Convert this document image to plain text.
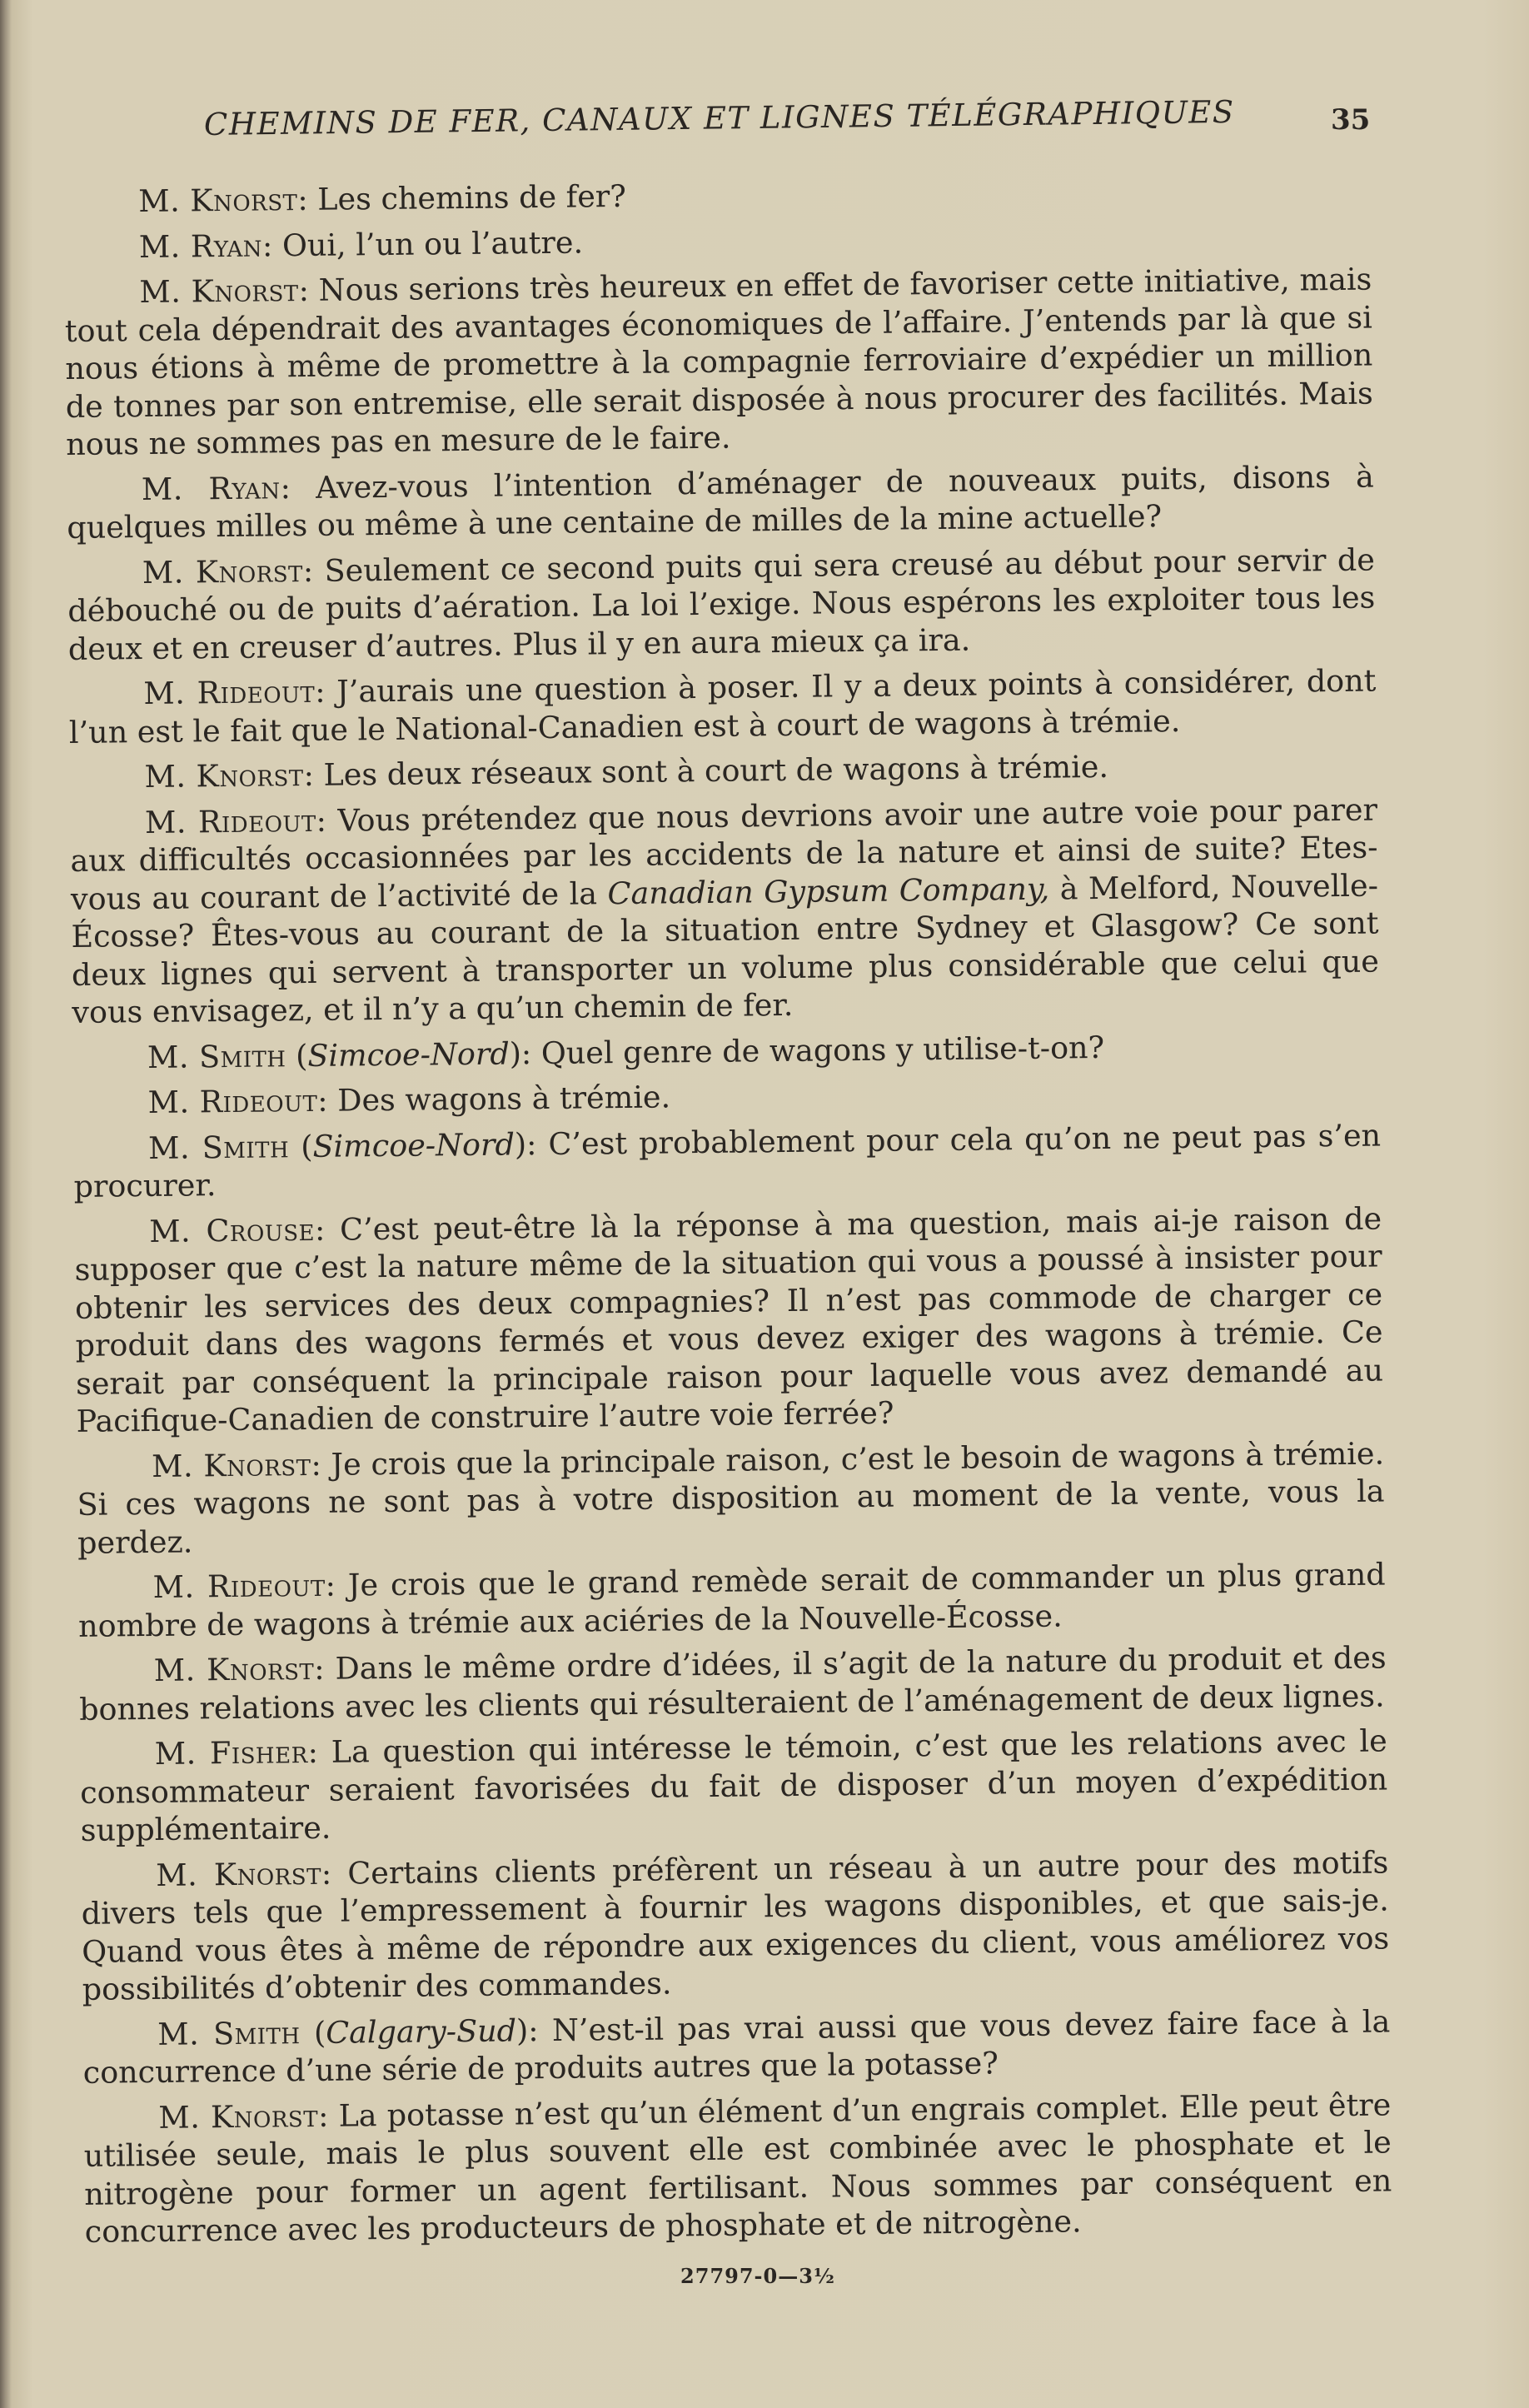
CHEMINS DE FER, CANAUX ET LIGNES TÉLÉGRAPHIQUES	35

M. Knorst: Les chemins de fer?

M. Ryan: Oui, l’un ou l’autre.

M. Knorst: Nous serions très heureux en effet de favoriser cette initiative, mais tout cela dépendrait des avantages économiques de l’affaire. J’entends par là que si nous étions à même de promettre à la compagnie ferroviaire d’expédier un million de tonnes par son entremise, elle serait disposée à nous procurer des facilités. Mais nous ne sommes pas en mesure de le faire.

M. Ryan: Avez-vous l’intention d’aménager de nouveaux puits, disons à quelques milles ou même à une centaine de milles de la mine actuelle?

M. Knorst: Seulement ce second puits qui sera creusé au début pour servir de débouché ou de puits d’aération. La loi l’exige. Nous espérons les exploiter tous les deux et en creuser d’autres. Plus il y en aura mieux ça ira.

M. Rideout: J’aurais une question à poser. Il y a deux points à considérer, dont l’un est le fait que le National-Canadien est à court de wagons à trémie.

M. Knorst: Les deux réseaux sont à court de wagons à trémie.

M. Rideout: Vous prétendez que nous devrions avoir une autre voie pour parer aux difficultés occasionnées par les accidents de la nature et ainsi de suite? Etes-vous au courant de l’activité de la Canadian Gypsum Company, à Melford, Nouvelle-Écosse? Êtes-vous au courant de la situation entre Sydney et Glasgow? Ce sont deux lignes qui servent à transporter un volume plus considérable que celui que vous envisagez, et il n’y a qu’un chemin de fer.

M. Smith (Simcoe-Nord): Quel genre de wagons y utilise-t-on?

M. Rideout: Des wagons à trémie.

M. Smith (Simcoe-Nord): C’est probablement pour cela qu’on ne peut pas s’en procurer.

M. Crouse: C’est peut-être là la réponse à ma question, mais ai-je raison de supposer que c’est la nature même de la situation qui vous a poussé à insister pour obtenir les services des deux compagnies? Il n’est pas commode de charger ce produit dans des wagons fermés et vous devez exiger des wagons à trémie. Ce serait par conséquent la principale raison pour laquelle vous avez demandé au Pacifique-Canadien de construire l’autre voie ferrée?

M. Knorst: Je crois que la principale raison, c’est le besoin de wagons à trémie. Si ces wagons ne sont pas à votre disposition au moment de la vente, vous la perdez.

M. Rideout: Je crois que le grand remède serait de commander un plus grand nombre de wagons à trémie aux aciéries de la Nouvelle-Écosse.

M. Knorst: Dans le même ordre d’idées, il s’agit de la nature du produit et des bonnes relations avec les clients qui résulteraient de l’aménagement de deux lignes.

M. Fisher: La question qui intéresse le témoin, c’est que les relations avec le consommateur seraient favorisées du fait de disposer d’un moyen d’expédition supplémentaire.

M. Knorst: Certains clients préfèrent un réseau à un autre pour des motifs divers tels que l’empressement à fournir les wagons disponibles, et que sais-je. Quand vous êtes à même de répondre aux exigences du client, vous améliorez vos possibilités d’obtenir des commandes.

M. Smith (Calgary-Sud): N’est-il pas vrai aussi que vous devez faire face à la concurrence d’une série de produits autres que la potasse?

M. Knorst: La potasse n’est qu’un élément d’un engrais complet. Elle peut être utilisée seule, mais le plus souvent elle est combinée avec le phosphate et le nitrogène pour former un agent fertilisant. Nous sommes par conséquent en concurrence avec les producteurs de phosphate et de nitrogène.

27797-0—3½
